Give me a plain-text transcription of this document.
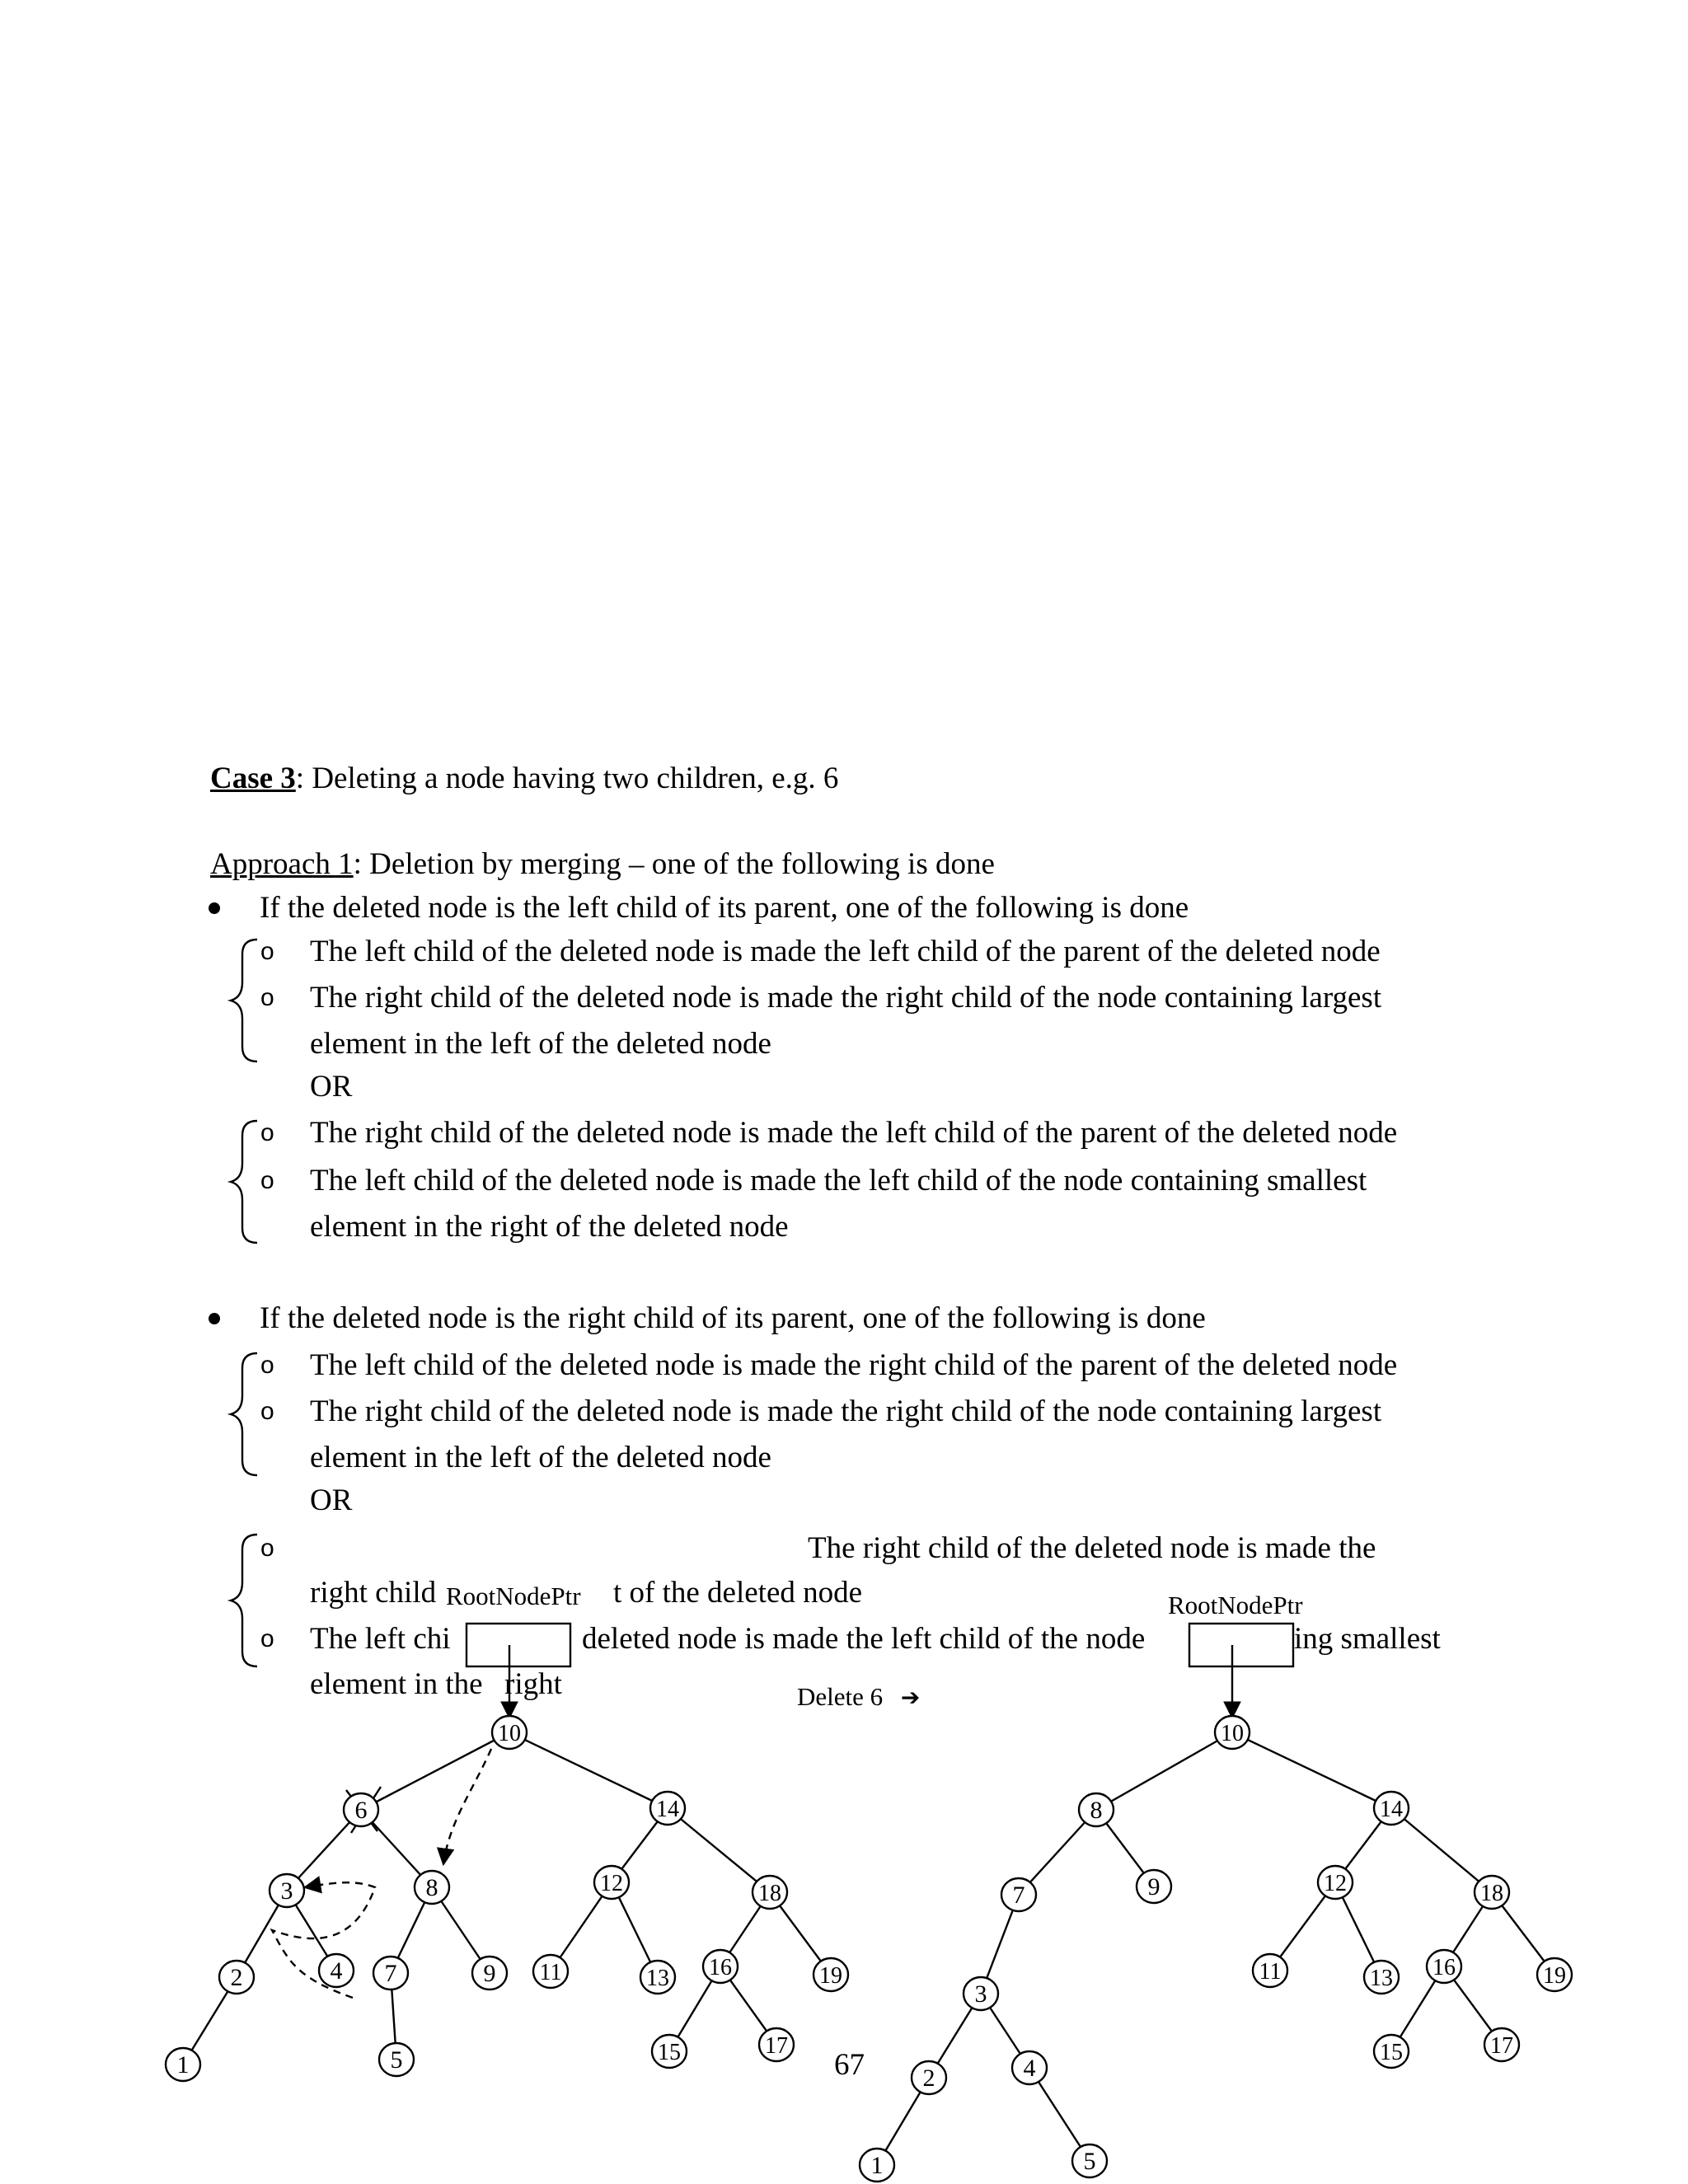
Case 3: Deleting a node having two children, e.g. 6
Approach 1: Deletion by merging – one of the following is done
If the deleted node is the left child of its parent, one of the following is done
o The left child of the deleted node is made the left child of the parent of the deleted node
o The right child of the deleted node is made the right child of the node containing largest
element in the left of the deleted node
OR
o The right child of the deleted node is made the left child of the parent of the deleted node
o The left child of the deleted node is made the left child of the node containing smallest
element in the right of the deleted node
If the deleted node is the right child of its parent, one of the following is done
o The left child of the deleted node is made the right child of the parent of the deleted node
o The right child of the deleted node is made the right child of the node containing largest
element in the left of the deleted node
OR
o	The right child of the deleted node is made the
right child	t of the deleted node
o The left chi	deleted node is made the left child of the node	ing smallest
element in the right
RootNodePtr	RootNodePtr
Delete 6 ➔
10
6	14
3	8	12	18
2	4 7	9 11	13 16	19
1	5	15	17
10
8	14
7	9	12	18
3
11	13 16	19
2	4
15	17
1	5
67
